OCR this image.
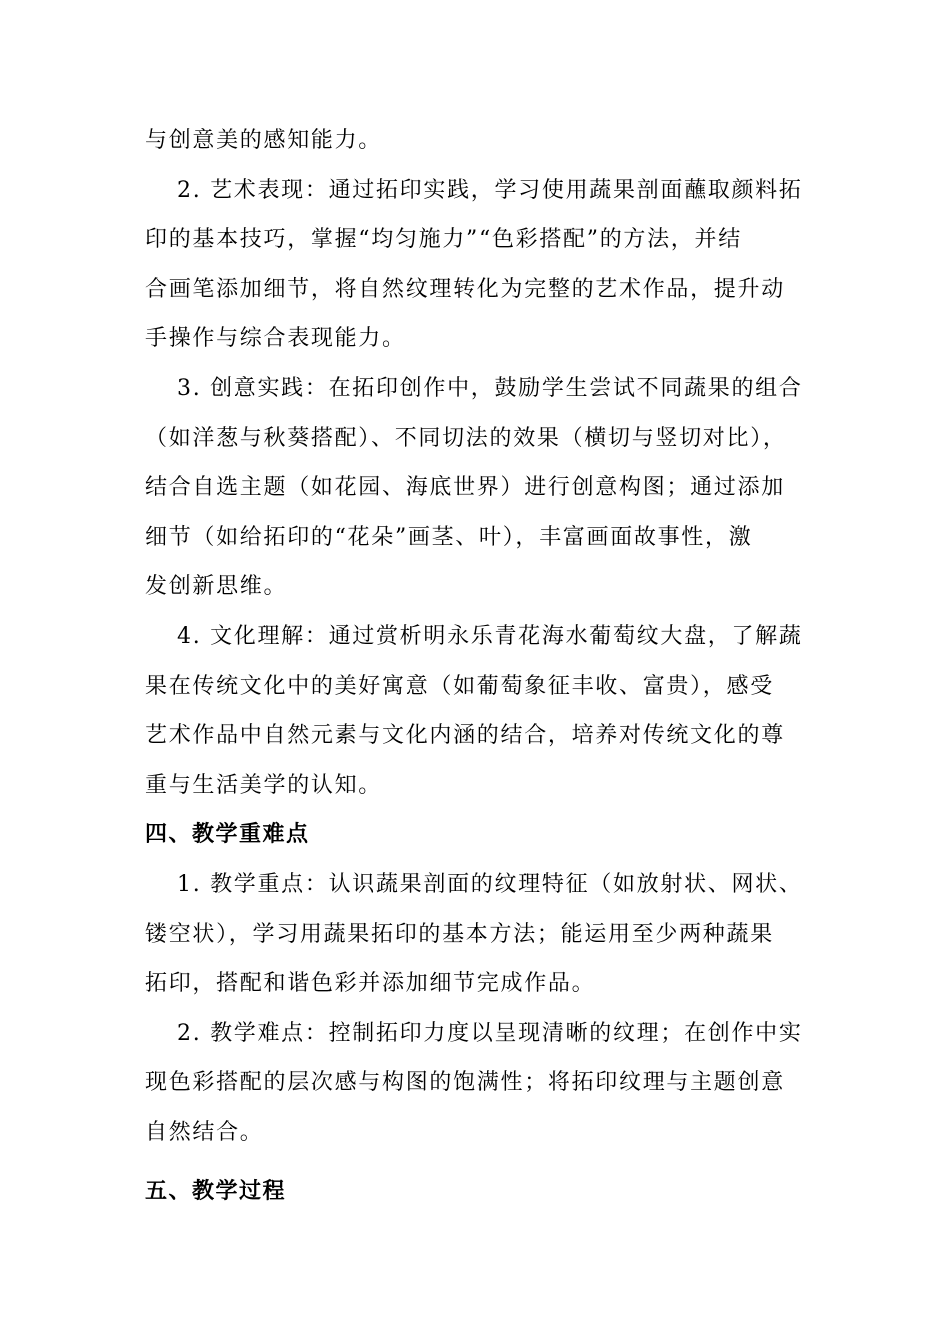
与创意美的感知能力。
2. 艺术表现：通过拓印实践，学习使用蔬果剖面蘸取颜料拓
印的基本技巧，掌握“均匀施力”“色彩搭配”的方法，并结
合画笔添加细节，将自然纹理转化为完整的艺术作品，提升动
手操作与综合表现能力。
3. 创意实践：在拓印创作中，鼓励学生尝试不同蔬果的组合
（如洋葱与秋葵搭配）、不同切法的效果（横切与竖切对比），
结合自选主题（如花园、海底世界）进行创意构图；通过添加
细节（如给拓印的“花朵”画茎、叶），丰富画面故事性，激
发创新思维。
4. 文化理解：通过赏析明永乐青花海水葡萄纹大盘，了解蔬
果在传统文化中的美好寓意（如葡萄象征丰收、富贵），感受
艺术作品中自然元素与文化内涵的结合，培养对传统文化的尊
重与生活美学的认知。
四、教学重难点
1. 教学重点：认识蔬果剖面的纹理特征（如放射状、网状、
镂空状），学习用蔬果拓印的基本方法；能运用至少两种蔬果
拓印，搭配和谐色彩并添加细节完成作品。
2. 教学难点：控制拓印力度以呈现清晰的纹理；在创作中实
现色彩搭配的层次感与构图的饱满性；将拓印纹理与主题创意
自然结合。
五、教学过程
